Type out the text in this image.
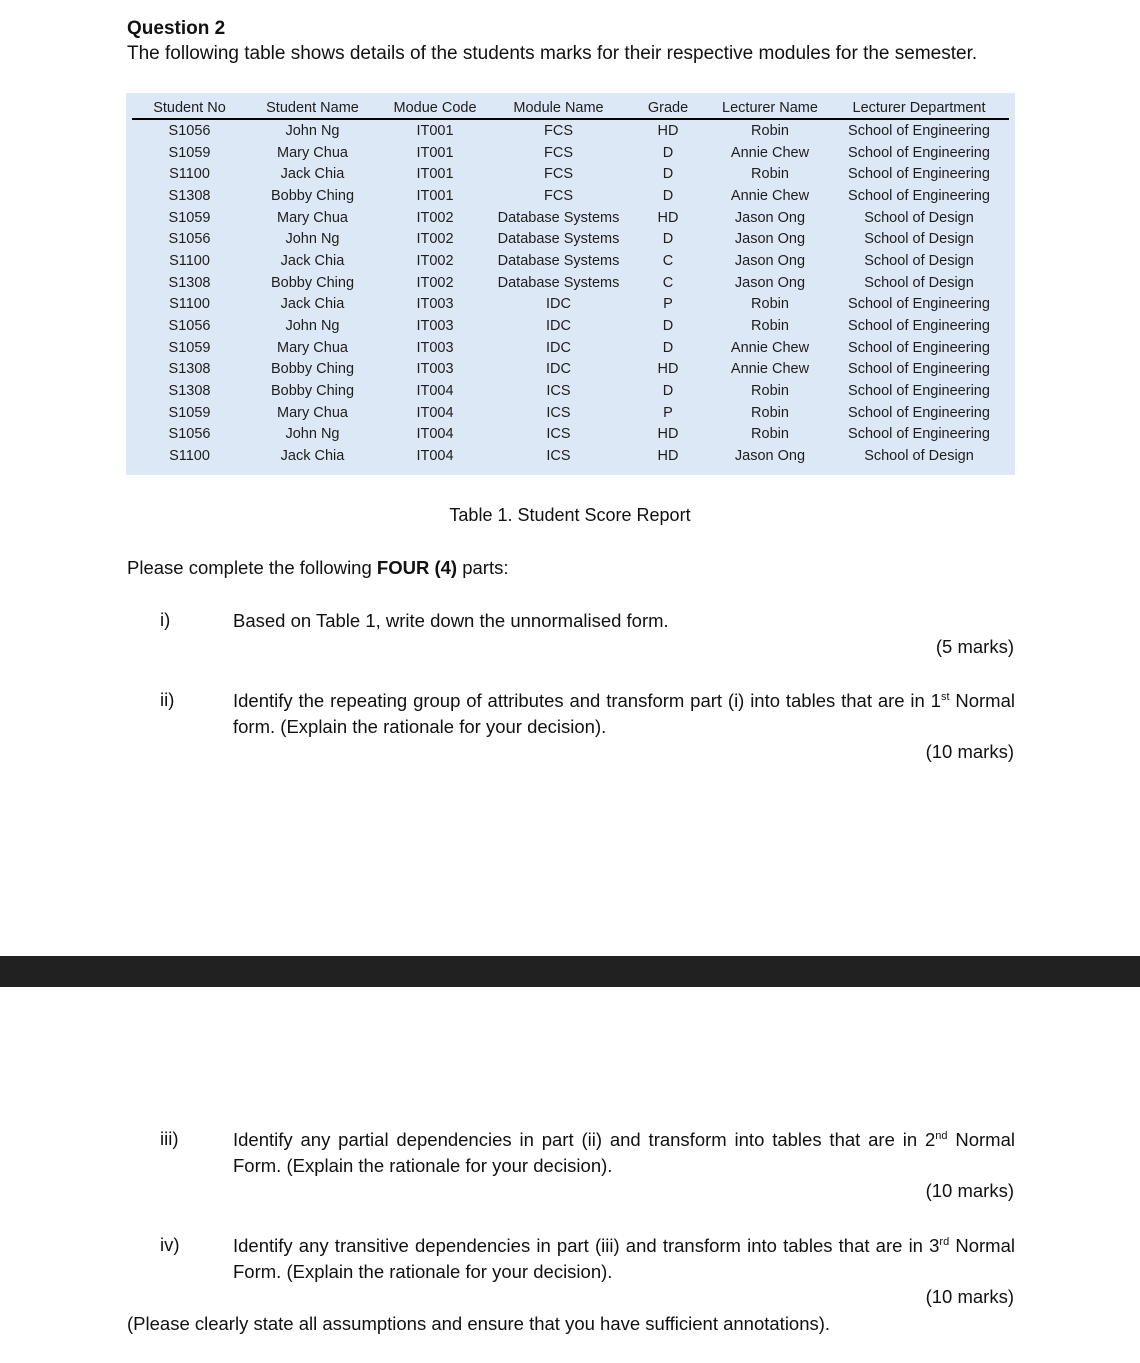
Question 2
The following table shows details of the students marks for their respective modules for the semester.
Student No	Student Name	Modue Code	Module Name	Grade	Lecturer Name	Lecturer Department
S1056	John Ng	IT001	FCS	HD	Robin	School of Engineering
S1059	Mary Chua	IT001	FCS	D	Annie Chew	School of Engineering
S1100	Jack Chia	IT001	FCS	D	Robin	School of Engineering
S1308	Bobby Ching	IT001	FCS	D	Annie Chew	School of Engineering
S1059	Mary Chua	IT002	Database Systems	HD	Jason Ong	School of Design
S1056	John Ng	IT002	Database Systems	D	Jason Ong	School of Design
S1100	Jack Chia	IT002	Database Systems	C	Jason Ong	School of Design
S1308	Bobby Ching	IT002	Database Systems	C	Jason Ong	School of Design
S1100	Jack Chia	IT003	IDC	P	Robin	School of Engineering
S1056	John Ng	IT003	IDC	D	Robin	School of Engineering
S1059	Mary Chua	IT003	IDC	D	Annie Chew	School of Engineering
S1308	Bobby Ching	IT003	IDC	HD	Annie Chew	School of Engineering
S1308	Bobby Ching	IT004	ICS	D	Robin	School of Engineering
S1059	Mary Chua	IT004	ICS	P	Robin	School of Engineering
S1056	John Ng	IT004	ICS	HD	Robin	School of Engineering
S1100	Jack Chia	IT004	ICS	HD	Jason Ong	School of Design
Table 1. Student Score Report
Please complete the following FOUR (4) parts:
i)	Based on Table 1, write down the unnormalised form.
(5 marks)
ii)	Identify the repeating group of attributes and transform part (i) into tables that are in 1st Normal form. (Explain the rationale for your decision).
(10 marks)
iii)	Identify any partial dependencies in part (ii) and transform into tables that are in 2nd Normal Form. (Explain the rationale for your decision).
(10 marks)
iv)	Identify any transitive dependencies in part (iii) and transform into tables that are in 3rd Normal Form. (Explain the rationale for your decision).
(10 marks)
(Please clearly state all assumptions and ensure that you have sufficient annotations).
